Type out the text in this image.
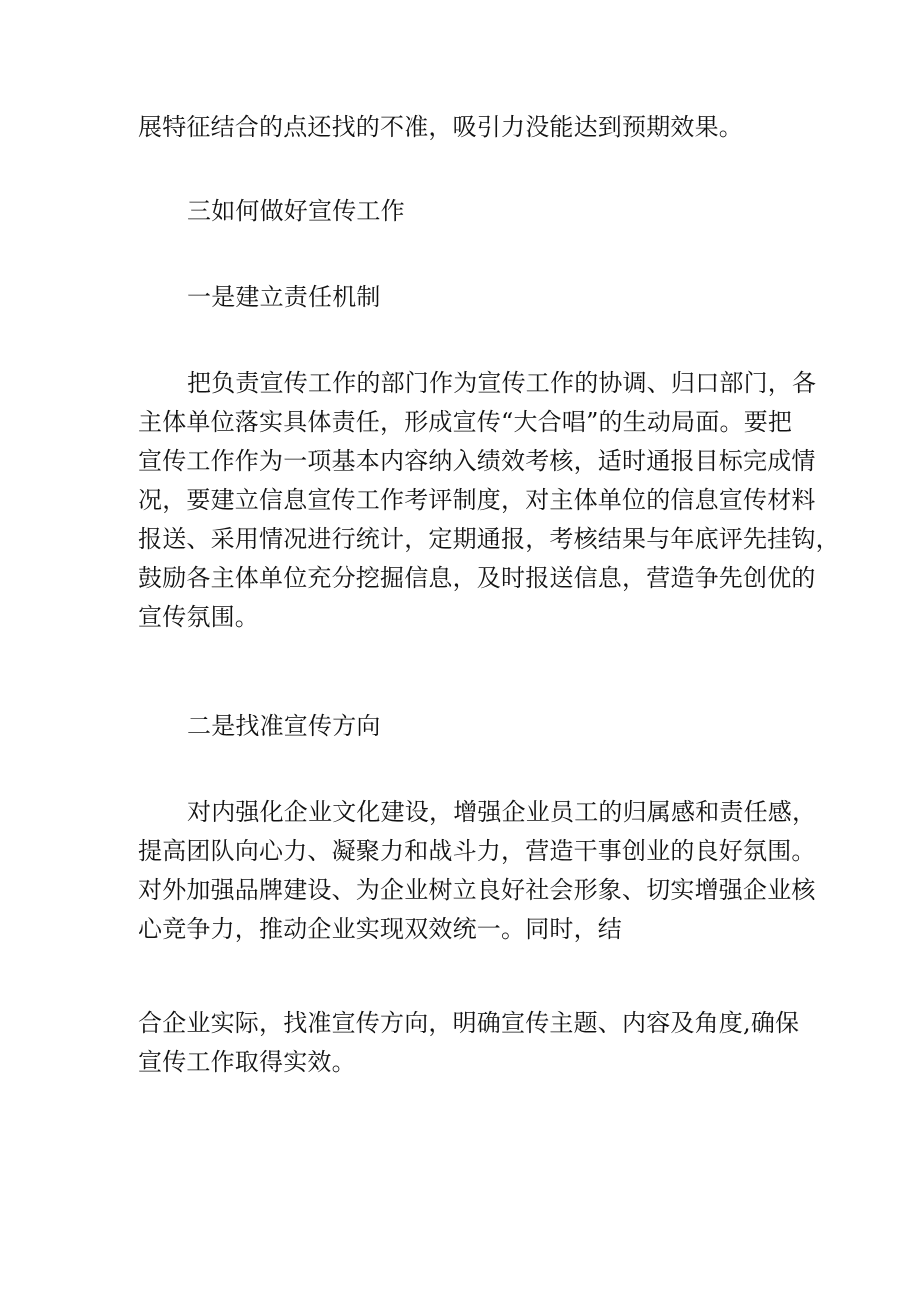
展特征结合的点还找的不准，吸引力没能达到预期效果。
三如何做好宣传工作
一是建立责任机制
把负责宣传工作的部门作为宣传工作的协调、归口部门，各
主体单位落实具体责任，形成宣传“大合唱”的生动局面。要把
宣传工作作为一项基本内容纳入绩效考核，适时通报目标完成情
况，要建立信息宣传工作考评制度，对主体单位的信息宣传材料
报送、采用情况进行统计，定期通报，考核结果与年底评先挂钩，
鼓励各主体单位充分挖掘信息，及时报送信息，营造争先创优的
宣传氛围。
二是找准宣传方向
对内强化企业文化建设，增强企业员工的归属感和责任感，
提高团队向心力、凝聚力和战斗力，营造干事创业的良好氛围。
对外加强品牌建设、为企业树立良好社会形象、切实增强企业核
心竞争力，推动企业实现双效统一。同时，结
合企业实际，找准宣传方向，明确宣传主题、内容及角度,确保
宣传工作取得实效。
